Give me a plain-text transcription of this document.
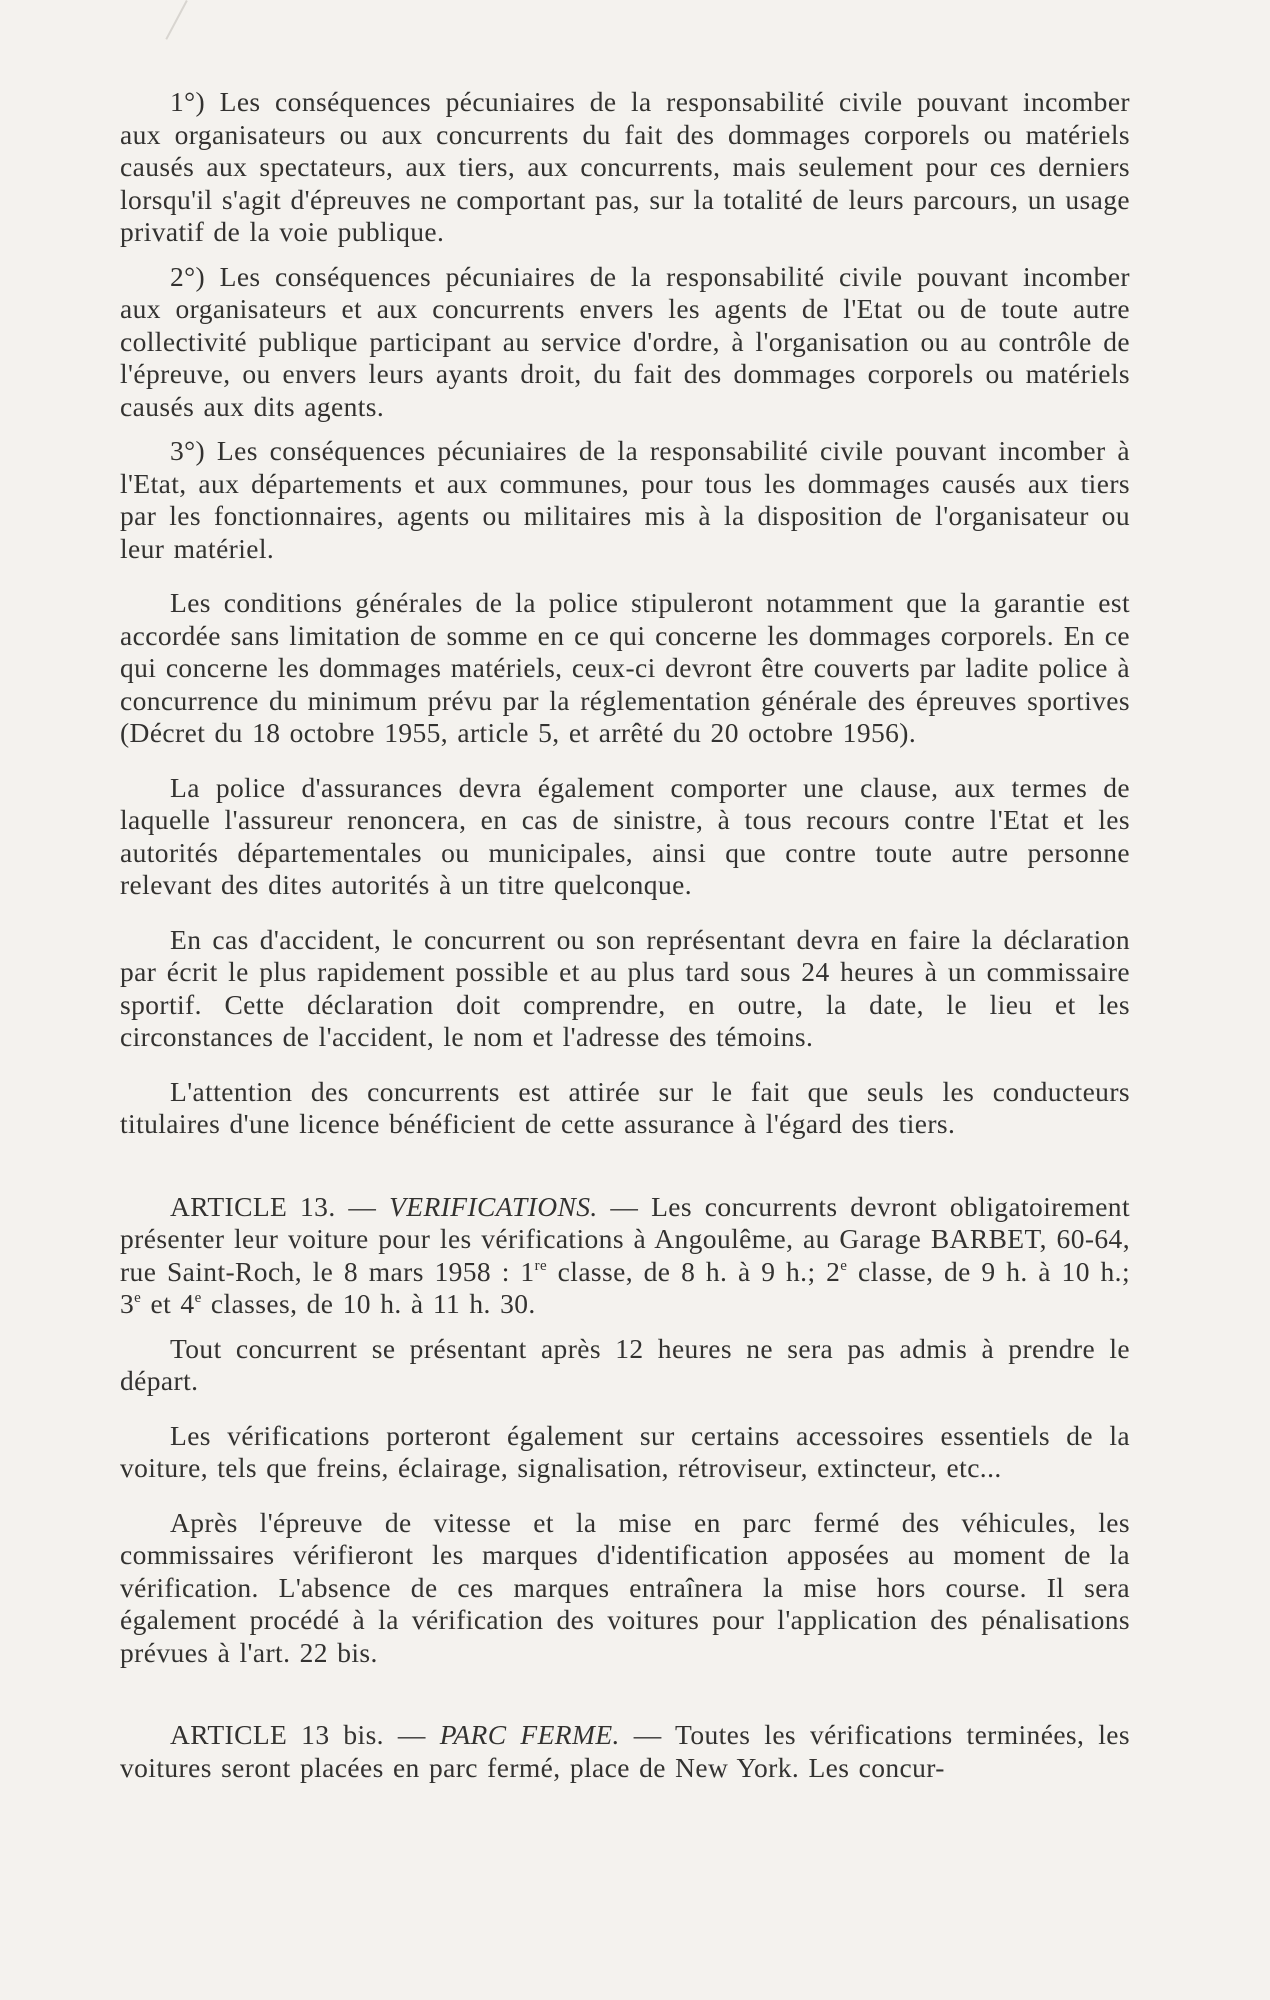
1°) Les conséquences pécuniaires de la responsabilité civile pouvant incomber aux organisateurs ou aux concurrents du fait des dommages corporels ou matériels causés aux spectateurs, aux tiers, aux concurrents, mais seulement pour ces derniers lorsqu'il s'agit d'épreuves ne comportant pas, sur la totalité de leurs parcours, un usage privatif de la voie publique.

2°) Les conséquences pécuniaires de la responsabilité civile pouvant incomber aux organisateurs et aux concurrents envers les agents de l'Etat ou de toute autre collectivité publique participant au service d'ordre, à l'organisation ou au contrôle de l'épreuve, ou envers leurs ayants droit, du fait des dommages corporels ou matériels causés aux dits agents.

3°) Les conséquences pécuniaires de la responsabilité civile pouvant incomber à l'Etat, aux départements et aux communes, pour tous les dommages causés aux tiers par les fonctionnaires, agents ou militaires mis à la disposition de l'organisateur ou leur matériel.

Les conditions générales de la police stipuleront notamment que la garantie est accordée sans limitation de somme en ce qui concerne les dommages corporels. En ce qui concerne les dommages matériels, ceux-ci devront être couverts par ladite police à concurrence du minimum prévu par la réglementation générale des épreuves sportives (Décret du 18 octobre 1955, article 5, et arrêté du 20 octobre 1956).

La police d'assurances devra également comporter une clause, aux termes de laquelle l'assureur renoncera, en cas de sinistre, à tous recours contre l'Etat et les autorités départementales ou municipales, ainsi que contre toute autre personne relevant des dites autorités à un titre quelconque.

En cas d'accident, le concurrent ou son représentant devra en faire la déclaration par écrit le plus rapidement possible et au plus tard sous 24 heures à un commissaire sportif. Cette déclaration doit comprendre, en outre, la date, le lieu et les circonstances de l'accident, le nom et l'adresse des témoins.

L'attention des concurrents est attirée sur le fait que seuls les conducteurs titulaires d'une licence bénéficient de cette assurance à l'égard des tiers.

ARTICLE 13. — VERIFICATIONS. — Les concurrents devront obligatoirement présenter leur voiture pour les vérifications à Angoulême, au Garage BARBET, 60-64, rue Saint-Roch, le 8 mars 1958 : 1re classe, de 8 h. à 9 h.; 2e classe, de 9 h. à 10 h.; 3e et 4e classes, de 10 h. à 11 h. 30.

Tout concurrent se présentant après 12 heures ne sera pas admis à prendre le départ.

Les vérifications porteront également sur certains accessoires essentiels de la voiture, tels que freins, éclairage, signalisation, rétroviseur, extincteur, etc...

Après l'épreuve de vitesse et la mise en parc fermé des véhicules, les commissaires vérifieront les marques d'identification apposées au moment de la vérification. L'absence de ces marques entraînera la mise hors course. Il sera également procédé à la vérification des voitures pour l'application des pénalisations prévues à l'art. 22 bis.

ARTICLE 13 bis. — PARC FERME. — Toutes les vérifications terminées, les voitures seront placées en parc fermé, place de New York. Les concur-
